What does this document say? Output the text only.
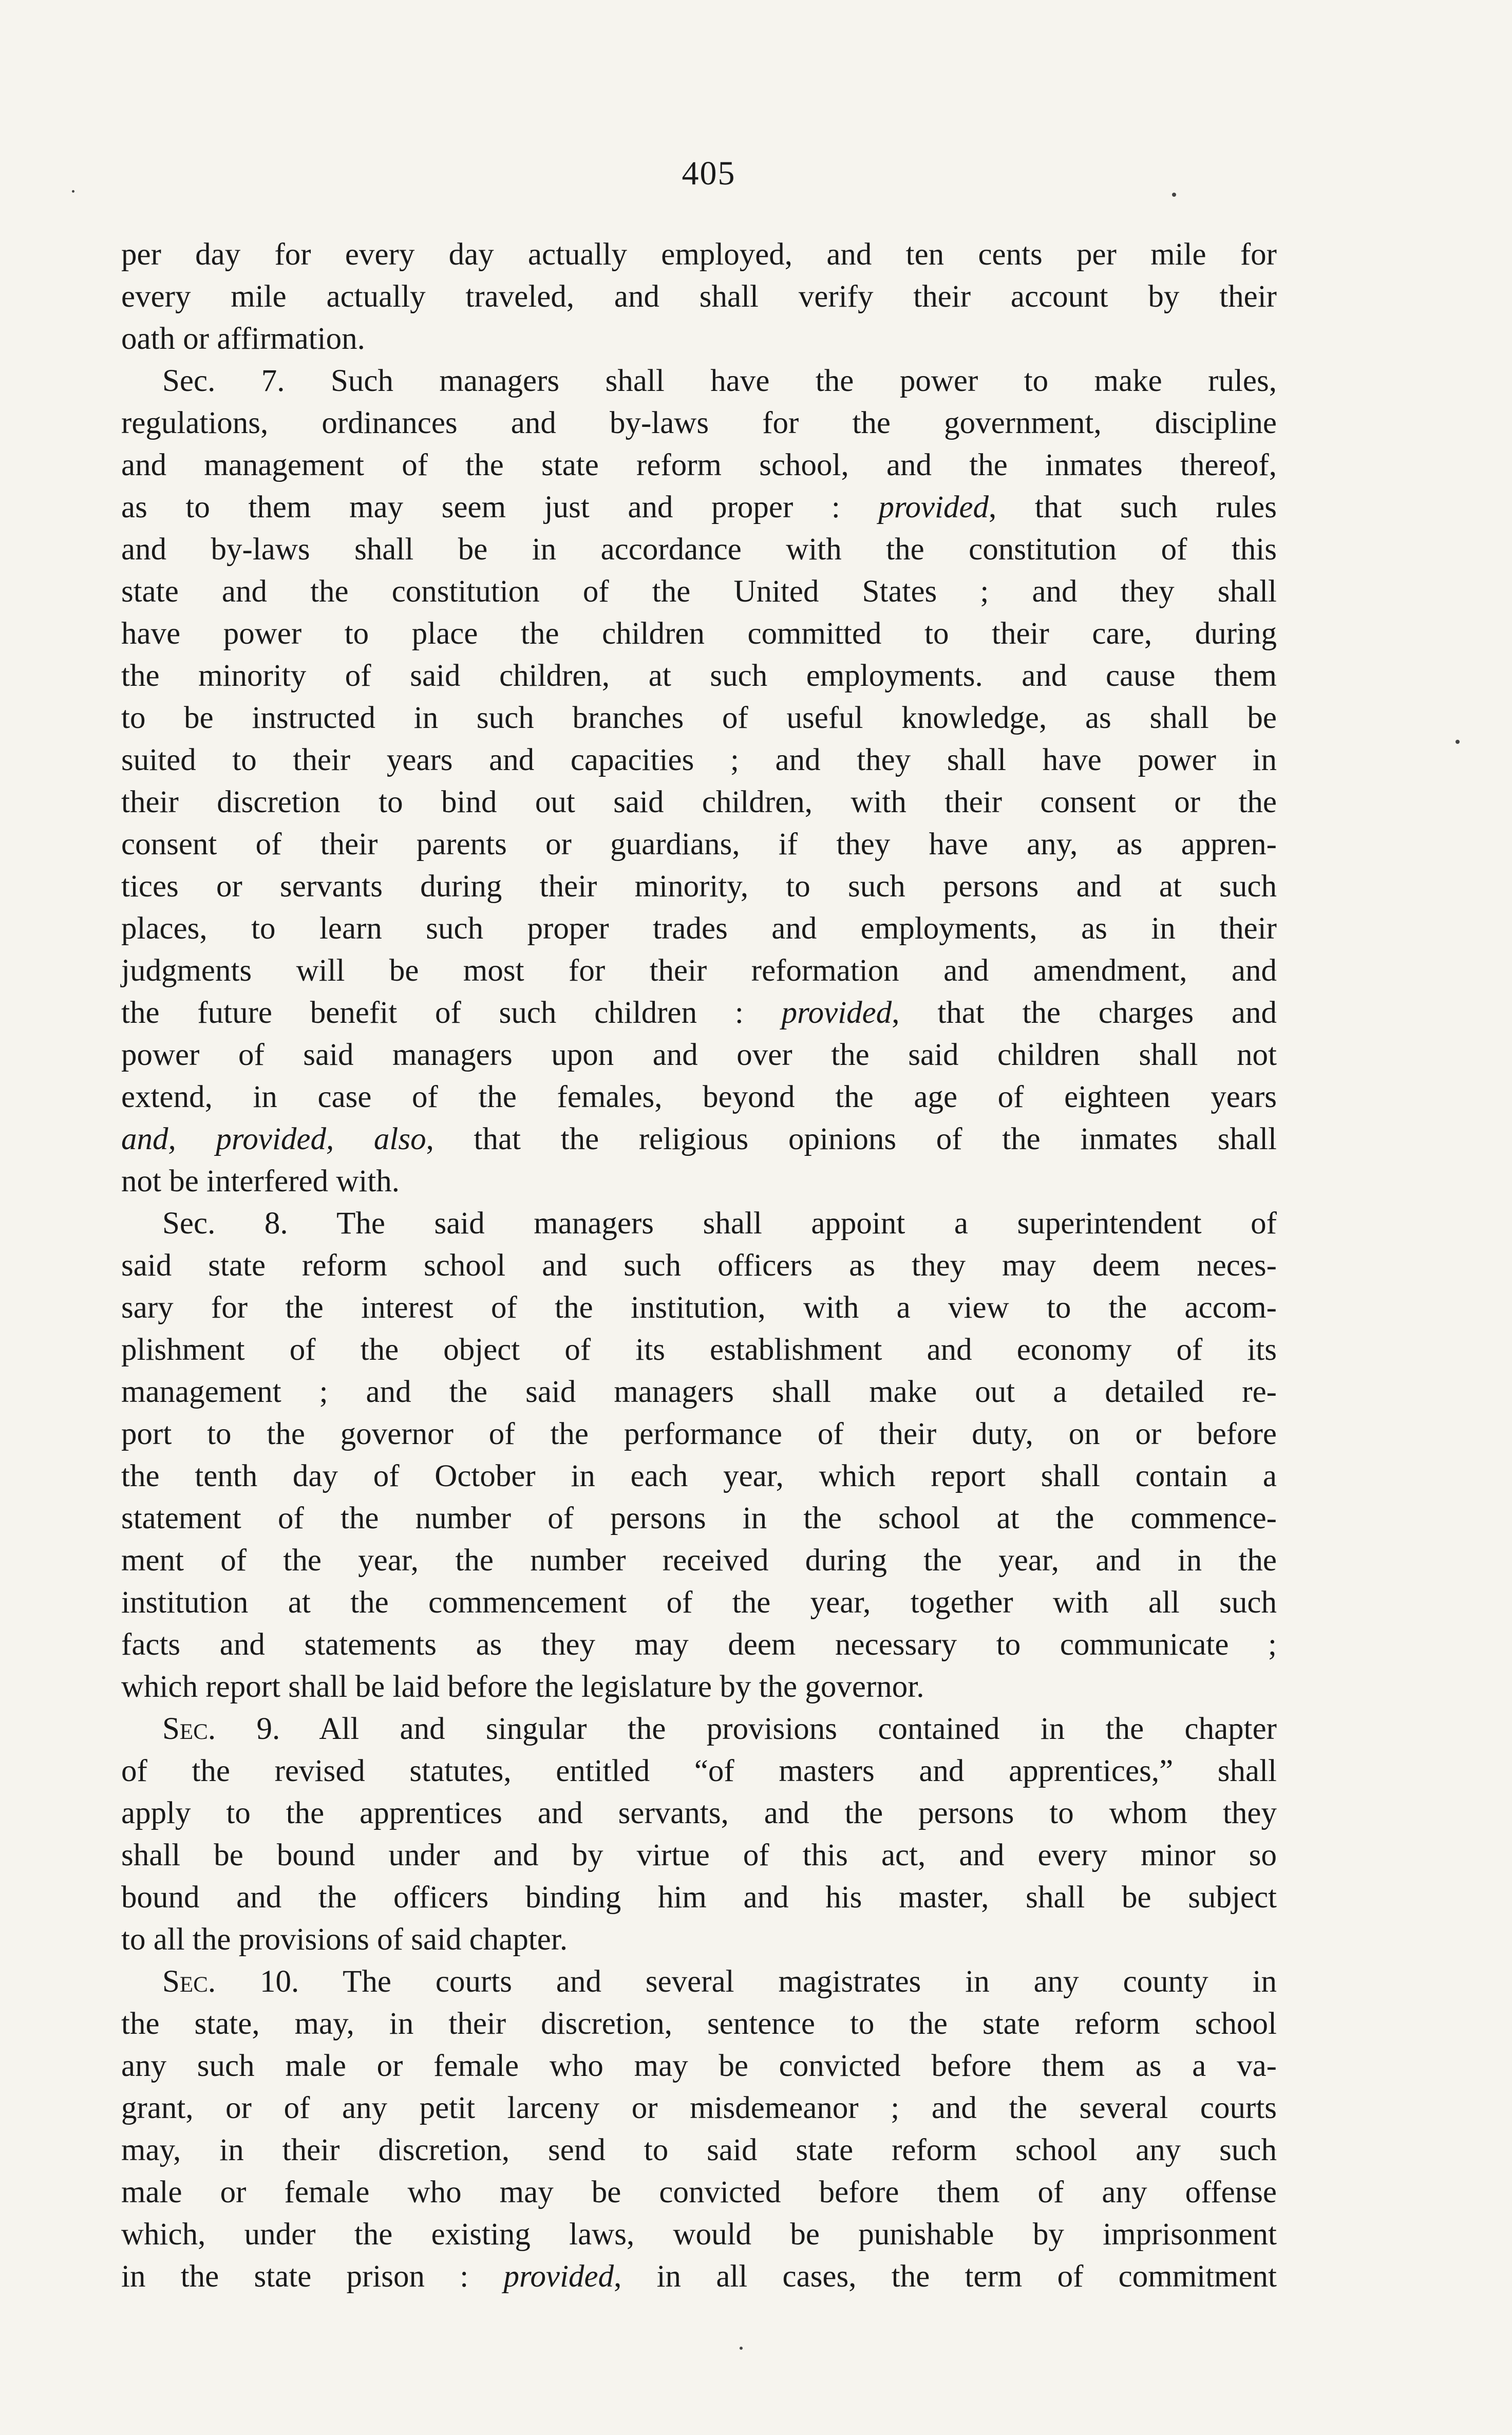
405
per day for every day actually employed, and ten cents per mile for
every mile actually traveled, and shall verify their account by their
oath or affirmation.
Sec. 7. Such managers shall have the power to make rules,
regulations, ordinances and by-laws for the government, discipline
and management of the state reform school, and the inmates thereof,
as to them may seem just and proper : provided, that such rules
and by-laws shall be in accordance with the constitution of this
state and the constitution of the United States ; and they shall
have power to place the children committed to their care, during
the minority of said children, at such employments. and cause them
to be instructed in such branches of useful knowledge, as shall be
suited to their years and capacities ; and they shall have power in
their discretion to bind out said children, with their consent or the
consent of their parents or guardians, if they have any, as appren-
tices or servants during their minority, to such persons and at such
places, to learn such proper trades and employments, as in their
judgments will be most for their reformation and amendment, and
the future benefit of such children : provided, that the charges and
power of said managers upon and over the said children shall not
extend, in case of the females, beyond the age of eighteen years
and, provided, also, that the religious opinions of the inmates shall
not be interfered with.
Sec. 8. The said managers shall appoint a superintendent of
said state reform school and such officers as they may deem neces-
sary for the interest of the institution, with a view to the accom-
plishment of the object of its establishment and economy of its
management ; and the said managers shall make out a detailed re-
port to the governor of the performance of their duty, on or before
the tenth day of October in each year, which report shall contain a
statement of the number of persons in the school at the commence-
ment of the year, the number received during the year, and in the
institution at the commencement of the year, together with all such
facts and statements as they may deem necessary to communicate ;
which report shall be laid before the legislature by the governor.
Sec. 9. All and singular the provisions contained in the chapter
of the revised statutes, entitled “of masters and apprentices,” shall
apply to the apprentices and servants, and the persons to whom they
shall be bound under and by virtue of this act, and every minor so
bound and the officers binding him and his master, shall be subject
to all the provisions of said chapter.
Sec. 10. The courts and several magistrates in any county in
the state, may, in their discretion, sentence to the state reform school
any such male or female who may be convicted before them as a va-
grant, or of any petit larceny or misdemeanor ; and the several courts
may, in their discretion, send to said state reform school any such
male or female who may be convicted before them of any offense
which, under the existing laws, would be punishable by imprisonment
in the state prison : provided, in all cases, the term of commitment
